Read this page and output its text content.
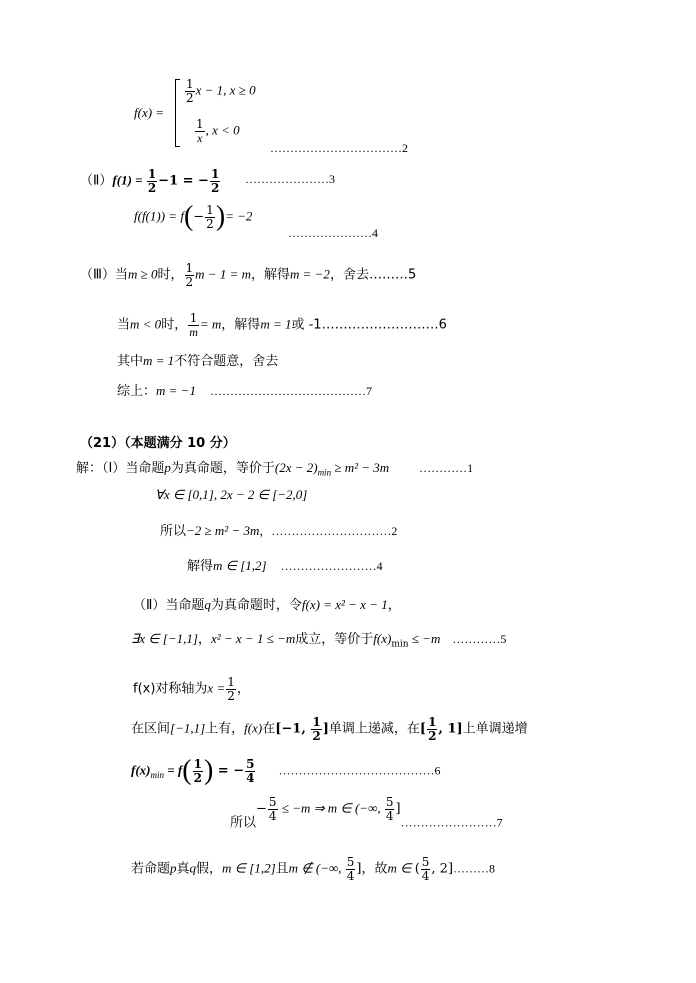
f(x) =
$\frac{1}{2}$ x − 1, x ≥ 0
$\frac{1}{x}$ , x < 0
……………………………2
（Ⅱ）f(1) = $\frac{1}{2} -1$ = − $\frac{1}{2}$ …………………3
$f(f(1)) = f(- \frac{1}{2}$ )= −2
…………………4
（Ⅲ）当m ≥ 0时， $\frac{1}{2}$ m − 1 = m，解得m = −2，舍去………5
当m < 0时， $\frac{1}{m} = m$，解得m = 1或 -1………………………6
其中m = 1不符合题意，舍去
综上：m = −1 …………………………………7
（21）（本题满分 10 分）
解：（Ⅰ）当命题p为真命题，等价于$(2x - 2)_{min} \ge m^2 - 3m$	…………1
∀x ∈ [0,1], 2x − 2 ∈ [−2,0]
所以−2 ≥ m² − 3m，…………………………2
解得m ∈ [1,2] ……………………4
（Ⅱ）当命题q为真命题时，令f(x) = x² − x − 1，
∃x ∈ [−1,1]，x² − x − 1 ≤ −m成立，等价于$f(x)_{min} \le -m$ …………5
f(x)对称轴为$x = \frac{1}{2}$ ，
在区间[−1,1]上有，f(x)在[−1, $\frac{1}{2}$ ]单调上递减，在[ $\frac{1}{2}$ , 1]上单调递增
$f(x)_{min} = f( \frac{1}{2}$ ) = − $\frac{5}{4}$ …………………………………6
所以− $\frac{5}{4} \le -m$ ⇒ m ∈ (−∞, $\frac{5}{4}$ ]……………………7
若命题p真q假，m ∈ [1,2]且m ∉ (−∞, $\frac{5}{4}$ ]，故m ∈ ( $\frac{5}{4}$ , 2]………8
